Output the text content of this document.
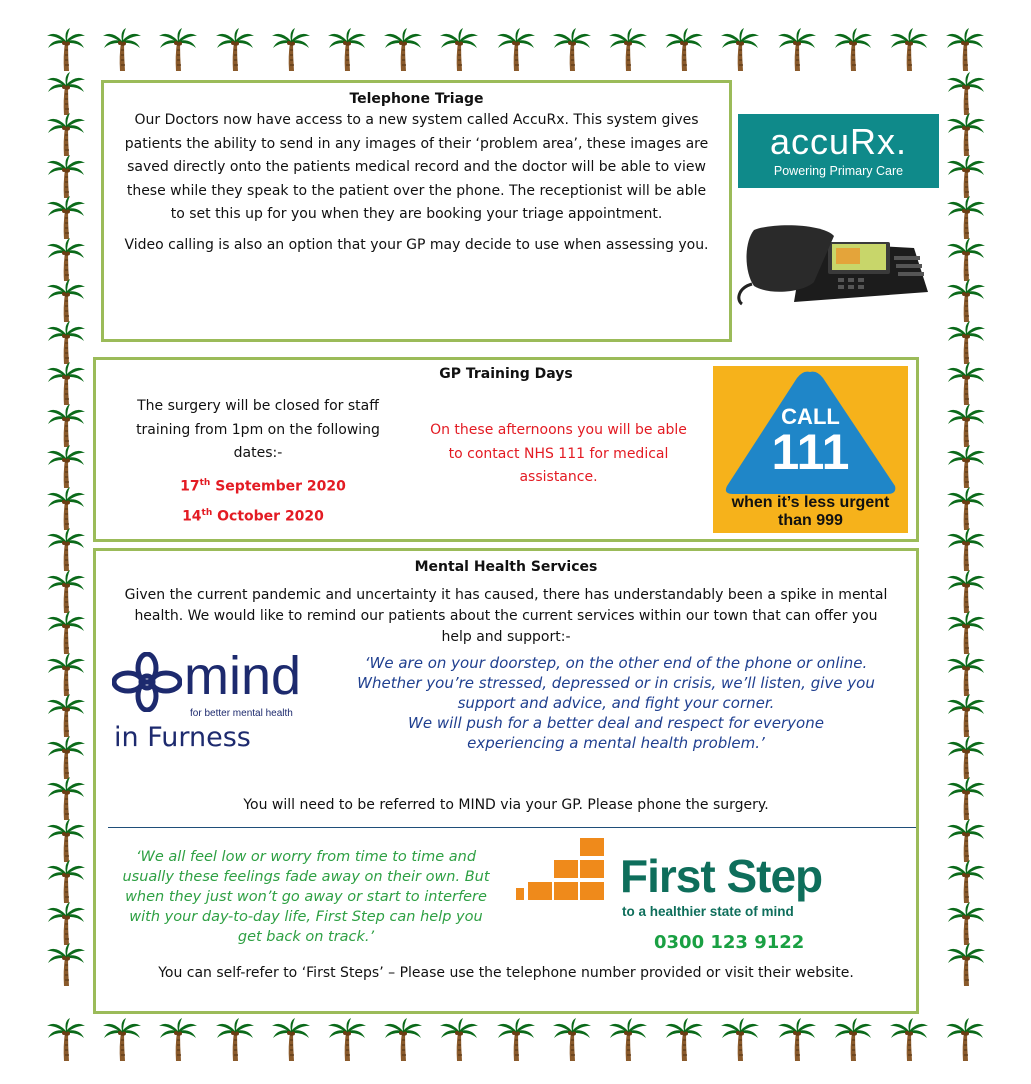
Telephone Triage

Our Doctors now have access to a new system called AccuRx. This system gives patients the ability to send in any images of their ‘problem area’, these images are saved directly onto the patients medical record and the doctor will be able to view these while they speak to the patient over the phone. The receptionist will be able to set this up for you when they are booking your triage appointment.

Video calling is also an option that your GP may decide to use when assessing you.

accuRx.
Powering Primary Care

GP Training Days

The surgery will be closed for staff training from 1pm on the following dates:-

17th September 2020

14th October 2020

On these afternoons you will be able to contact NHS 111 for medical assistance.

CALL
111
when it’s less urgent than 999

Mental Health Services

Given the current pandemic and uncertainty it has caused, there has understandably been a spike in mental health. We would like to remind our patients about the current services within our town that can offer you help and support:-

‘We are on your doorstep, on the other end of the phone or online.

Whether you’re stressed, depressed or in crisis, we’ll listen, give you support and advice, and fight your corner.

We will push for a better deal and respect for everyone experiencing a mental health problem.’

You will need to be referred to MIND via your GP. Please phone the surgery.

‘We all feel low or worry from time to time and usually these feelings fade away on their own. But when they just won’t go away or start to interfere with your day-to-day life, First Step can help you get back on track.’

You can self-refer to ‘First Steps’ – Please use the telephone number provided or visit their website.

mind
for better mental health
in Furness
First Step
to a healthier state of mind
0300 123 9122
